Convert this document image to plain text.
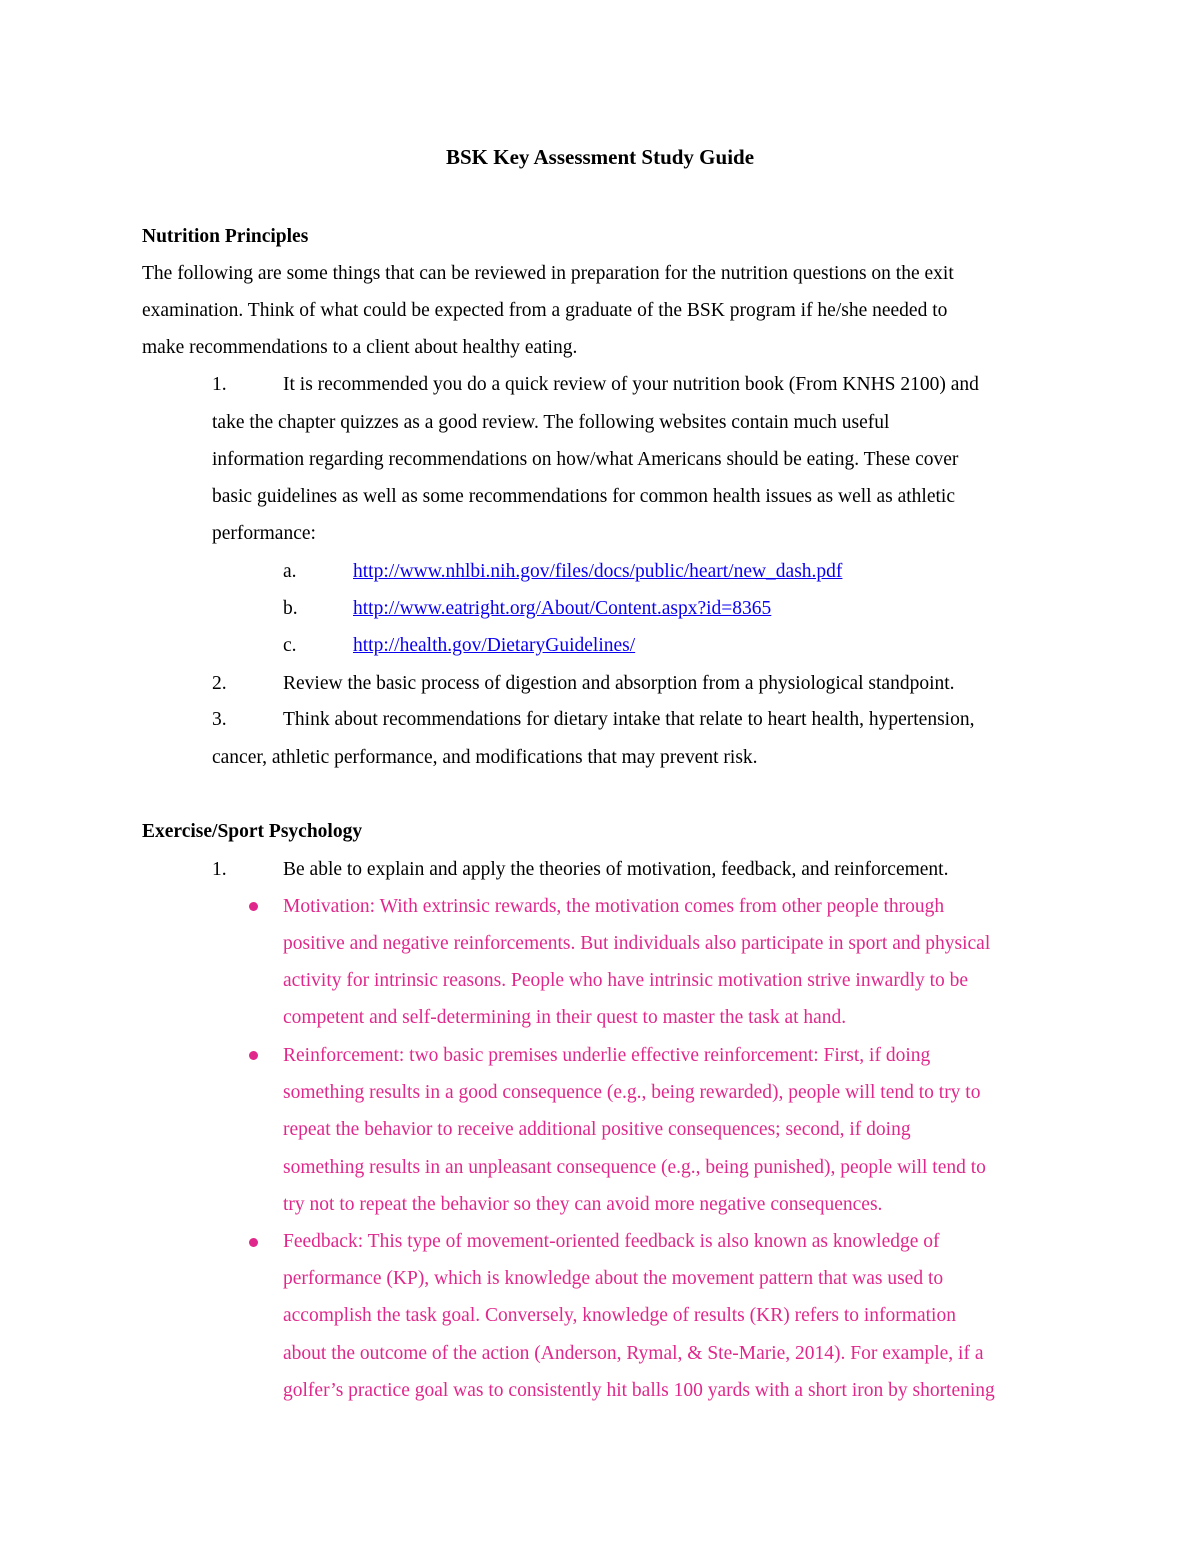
BSK Key Assessment Study Guide
Nutrition Principles
The following are some things that can be reviewed in preparation for the nutrition questions on the exit
examination. Think of what could be expected from a graduate of the BSK program if he/she needed to
make recommendations to a client about healthy eating.
1.	It is recommended you do a quick review of your nutrition book (From KNHS 2100) and
take the chapter quizzes as a good review. The following websites contain much useful
information regarding recommendations on how/what Americans should be eating. These cover
basic guidelines as well as some recommendations for common health issues as well as athletic
performance:
a.	http://www.nhlbi.nih.gov/files/docs/public/heart/new_dash.pdf
b.	http://www.eatright.org/About/Content.aspx?id=8365
c.	http://health.gov/DietaryGuidelines/
2.	Review the basic process of digestion and absorption from a physiological standpoint.
3.	Think about recommendations for dietary intake that relate to heart health, hypertension,
cancer, athletic performance, and modifications that may prevent risk.
Exercise/Sport Psychology
1.	Be able to explain and apply the theories of motivation, feedback, and reinforcement.
Motivation: With extrinsic rewards, the motivation comes from other people through
positive and negative reinforcements. But individuals also participate in sport and physical
activity for intrinsic reasons. People who have intrinsic motivation strive inwardly to be
competent and self-determining in their quest to master the task at hand.
Reinforcement: two basic premises underlie effective reinforcement: First, if doing
something results in a good consequence (e.g., being rewarded), people will tend to try to
repeat the behavior to receive additional positive consequences; second, if doing
something results in an unpleasant consequence (e.g., being punished), people will tend to
try not to repeat the behavior so they can avoid more negative consequences.
Feedback: This type of movement-oriented feedback is also known as knowledge of
performance (KP), which is knowledge about the movement pattern that was used to
accomplish the task goal. Conversely, knowledge of results (KR) refers to information
about the outcome of the action (Anderson, Rymal, & Ste-Marie, 2014). For example, if a
golfer’s practice goal was to consistently hit balls 100 yards with a short iron by shortening
